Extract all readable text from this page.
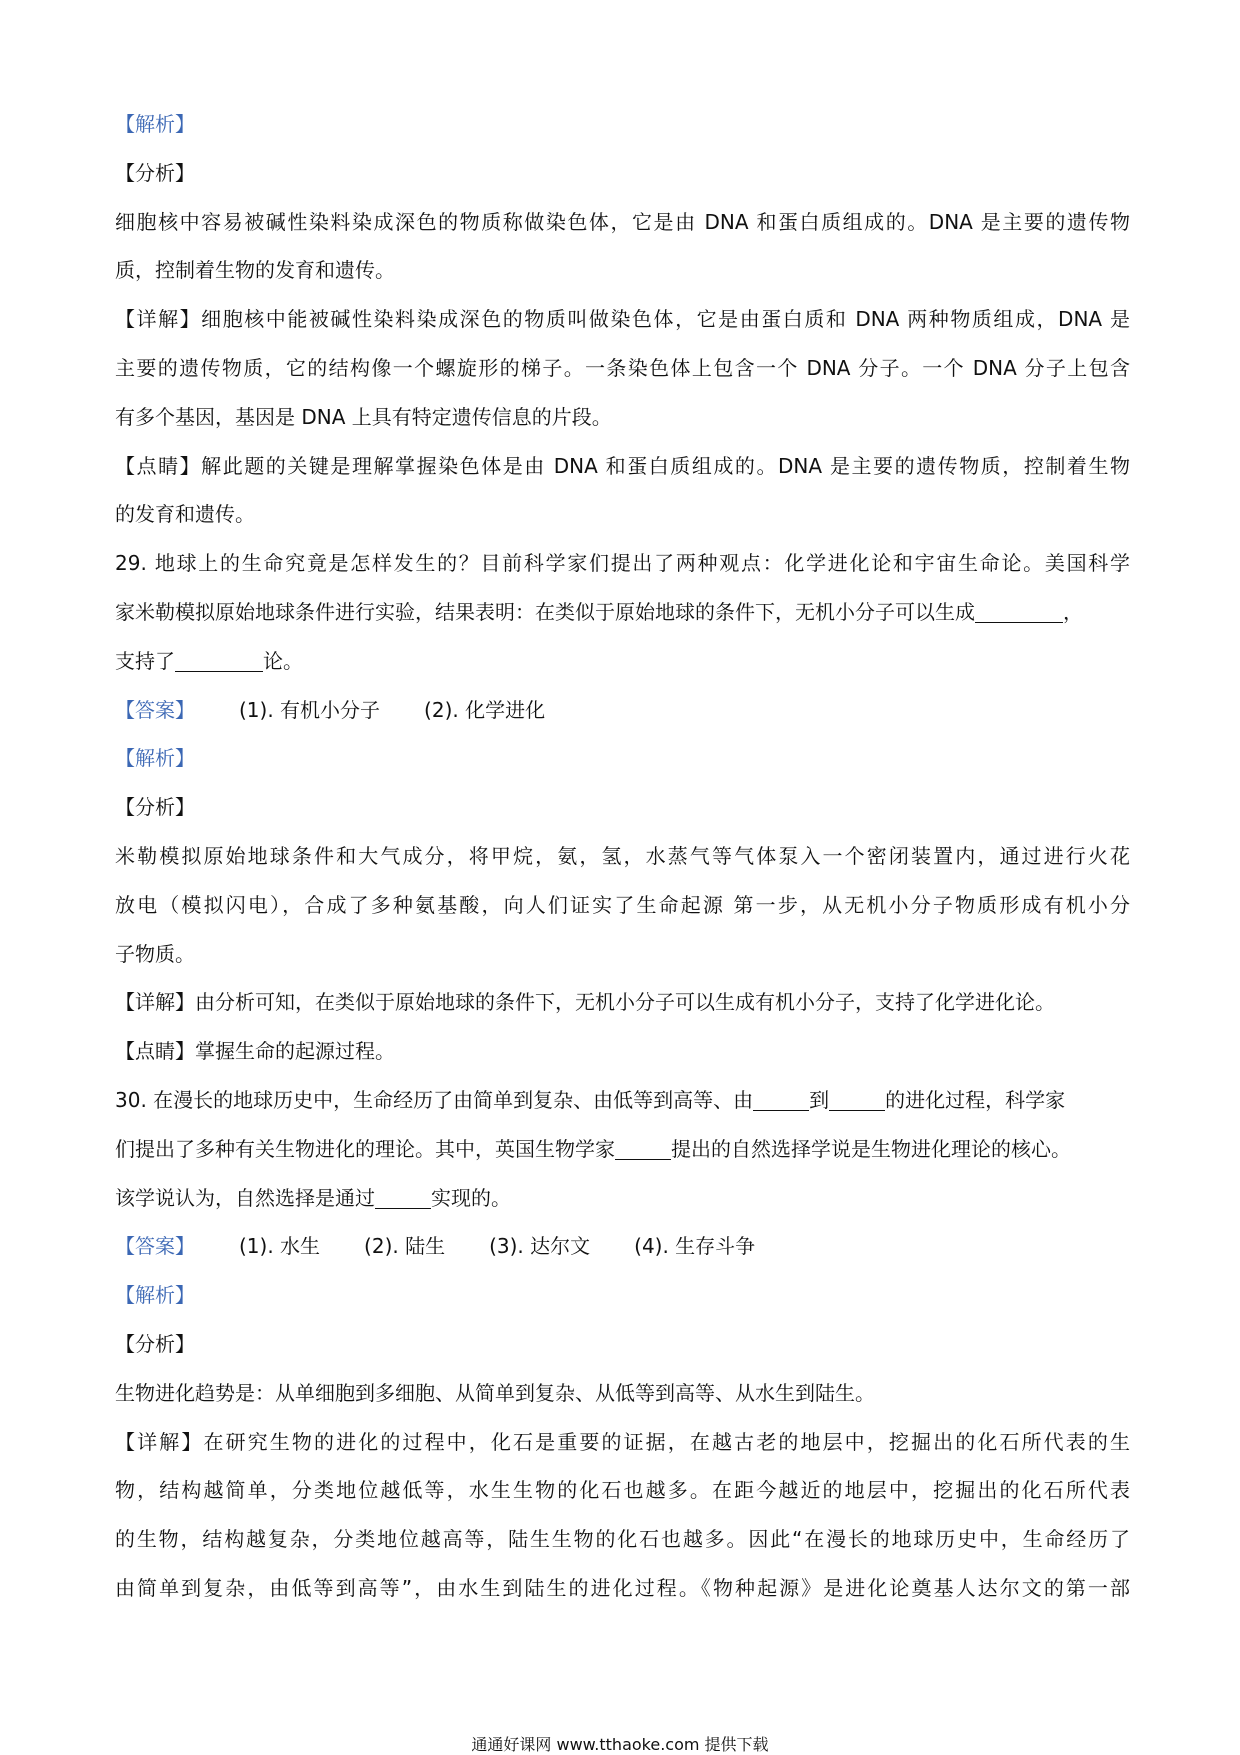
【解析】
【分析】
细胞核中容易被碱性染料染成深色的物质称做染色体，它是由 DNA 和蛋白质组成的。DNA 是主要的遗传物
质，控制着生物的发育和遗传。
【详解】细胞核中能被碱性染料染成深色的物质叫做染色体，它是由蛋白质和 DNA 两种物质组成，DNA 是
主要的遗传物质，它的结构像一个螺旋形的梯子。一条染色体上包含一个 DNA 分子。一个 DNA 分子上包含
有多个基因，基因是 DNA 上具有特定遗传信息的片段。
【点睛】解此题的关键是理解掌握染色体是由 DNA 和蛋白质组成的。DNA 是主要的遗传物质，控制着生物
的发育和遗传。
29. 地球上的生命究竟是怎样发生的？目前科学家们提出了两种观点：化学进化论和宇宙生命论。美国科学
家米勒模拟原始地球条件进行实验，结果表明：在类似于原始地球的条件下，无机小分子可以生成	，
支持了	论。
【答案】 (1). 有机小分子 (2). 化学进化
【解析】
【分析】
米勒模拟原始地球条件和大气成分，将甲烷，氨，氢，水蒸气等气体泵入一个密闭装置内，通过进行火花
放电（模拟闪电），合成了多种氨基酸，向人们证实了生命起源 第一步，从无机小分子物质形成有机小分
子物质。
【详解】由分析可知，在类似于原始地球的条件下，无机小分子可以生成有机小分子，支持了化学进化论。
【点睛】掌握生命的起源过程。
30. 在漫长的地球历史中，生命经历了由简单到复杂、由低等到高等、由	到	的进化过程，科学家
们提出了多种有关生物进化的理论。其中，英国生物学家	提出的自然选择学说是生物进化理论的核心。
该学说认为，自然选择是通过	实现的。
【答案】 (1). 水生 (2). 陆生 (3). 达尔文 (4). 生存斗争
【解析】
【分析】
生物进化趋势是：从单细胞到多细胞、从简单到复杂、从低等到高等、从水生到陆生。
【详解】在研究生物的进化的过程中，化石是重要的证据，在越古老的地层中，挖掘出的化石所代表的生
物，结构越简单，分类地位越低等，水生生物的化石也越多。在距今越近的地层中，挖掘出的化石所代表
的生物，结构越复杂，分类地位越高等，陆生生物的化石也越多。因此“在漫长的地球历史中，生命经历了
由简单到复杂，由低等到高等”，由水生到陆生的进化过程。《物种起源》是进化论奠基人达尔文的第一部
通通好课网 www.tthaoke.com 提供下载
